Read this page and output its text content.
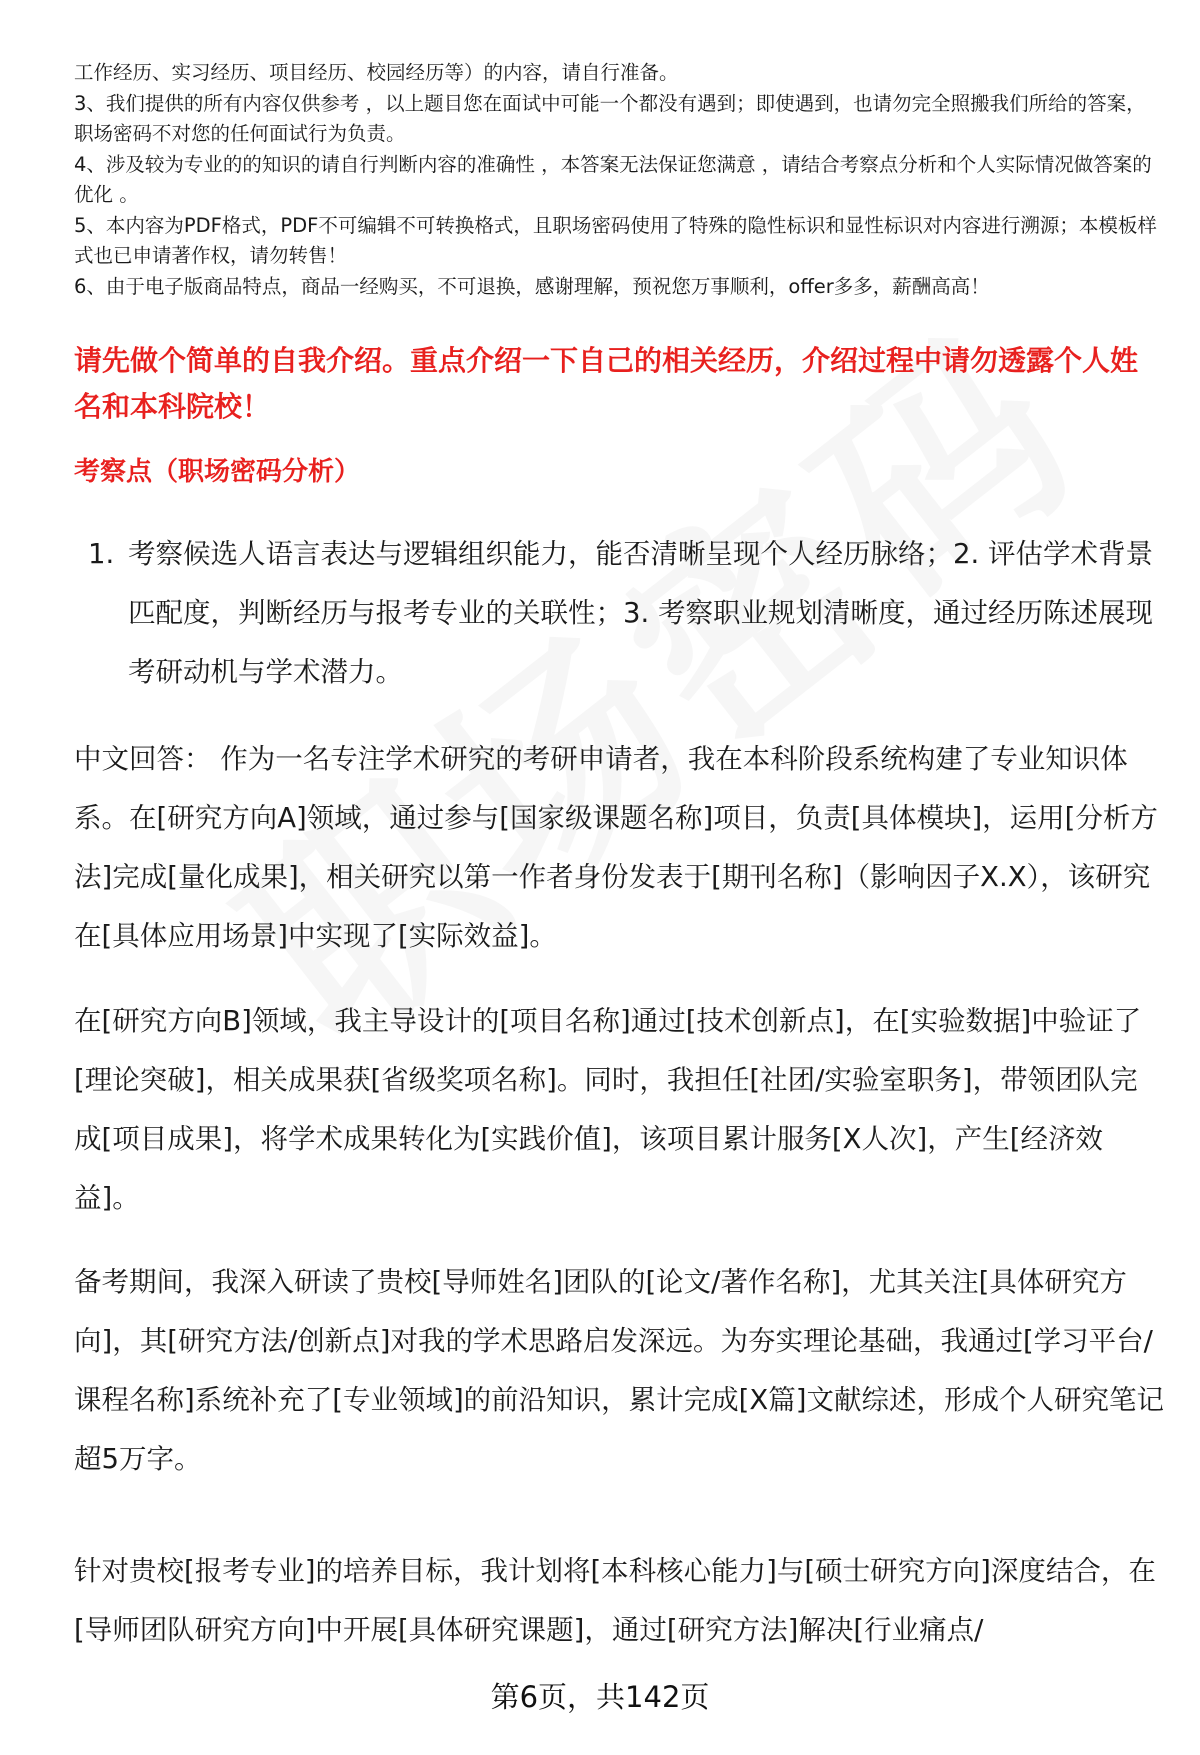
工作经历、实习经历、项目经历、校园经历等）的内容，请自行准备。

3、我们提供的所有内容仅供参考 ，以上题目您在面试中可能一个都没有遇到；即使遇到，也请勿完全照搬我们所给的答案，职场密码不对您的任何面试行为负责。

4、涉及较为专业的的知识的请自行判断内容的准确性 ，本答案无法保证您满意 ，请结合考察点分析和个人实际情况做答案的优化 。

5、本内容为PDF格式，PDF不可编辑不可转换格式，且职场密码使用了特殊的隐性标识和显性标识对内容进行溯源；本模板样式也已申请著作权，请勿转售！

6、由于电子版商品特点，商品一经购买，不可退换，感谢理解，预祝您万事顺利，offer多多，薪酬高高！

请先做个简单的自我介绍。重点介绍一下自己的相关经历，介绍过程中请勿透露个人姓名和本科院校！

考察点（职场密码分析）

1. 考察候选人语言表达与逻辑组织能力，能否清晰呈现个人经历脉络；2. 评估学术背景匹配度，判断经历与报考专业的关联性；3. 考察职业规划清晰度，通过经历陈述展现考研动机与学术潜力。

中文回答： 作为一名专注学术研究的考研申请者，我在本科阶段系统构建了专业知识体系。在[研究方向A]领域，通过参与[国家级课题名称]项目，负责[具体模块]，运用[分析方法]完成[量化成果]，相关研究以第一作者身份发表于[期刊名称]（影响因子X.X），该研究在[具体应用场景]中实现了[实际效益]。

在[研究方向B]领域，我主导设计的[项目名称]通过[技术创新点]，在[实验数据]中验证了[理论突破]，相关成果获[省级奖项名称]。同时，我担任[社团/实验室职务]，带领团队完成[项目成果]，将学术成果转化为[实践价值]，该项目累计服务[X人次]，产生[经济效益]。

备考期间，我深入研读了贵校[导师姓名]团队的[论文/著作名称]，尤其关注[具体研究方向]，其[研究方法/创新点]对我的学术思路启发深远。为夯实理论基础，我通过[学习平台/课程名称]系统补充了[专业领域]的前沿知识，累计完成[X篇]文献综述，形成个人研究笔记超5万字。

针对贵校[报考专业]的培养目标，我计划将[本科核心能力]与[硕士研究方向]深度结合，在[导师团队研究方向]中开展[具体研究课题]，通过[研究方法]解决[行业痛点/

第6页，共142页
